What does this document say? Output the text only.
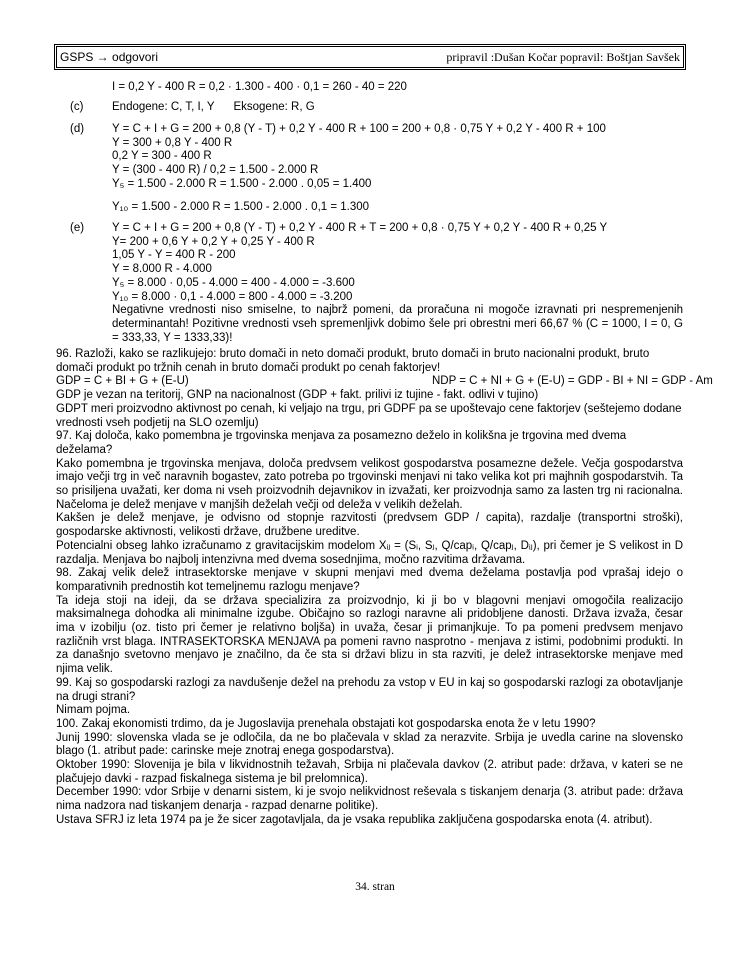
GSPS → odgovori	pripravil :Dušan Kočar popravil: Boštjan Savšek
I = 0,2 Y - 400 R = 0,2 · 1.300 - 400 · 0,1 = 260 - 40 = 220
(c) Endogene: C, T, I, Y      Eksogene: R, G
(d) Y = C + I + G = 200 + 0,8 (Y - T) + 0,2 Y - 400 R + 100 = 200 + 0,8 · 0,75 Y + 0,2 Y - 400 R + 100
Y = 300 + 0,8 Y - 400 R
0,2 Y = 300 - 400 R
Y = (300 - 400 R) / 0,2 = 1.500 - 2.000 R
Y₅ = 1.500 - 2.000 R = 1.500 - 2.000 . 0,05 = 1.400
Y₁₀ = 1.500 - 2.000 R = 1.500 - 2.000 . 0,1 = 1.300
(e) Y = C + I + G = 200 + 0,8 (Y - T) + 0,2 Y - 400 R + T = 200 + 0,8 · 0,75 Y + 0,2 Y - 400 R + 0,25 Y
Y= 200 + 0,6 Y + 0,2 Y + 0,25 Y - 400 R
1,05 Y - Y = 400 R - 200
Y = 8.000 R - 4.000
Y₅ = 8.000 · 0,05 - 4.000 = 400 - 4.000 = -3.600
Y₁₀ = 8.000 · 0,1 - 4.000 = 800 - 4.000 = -3.200
Negativne vrednosti niso smiselne, to najbrž pomeni, da proračuna ni mogoče izravnati pri nespremenjenih determinantah! Pozitivne vrednosti vseh spremenljivk dobimo šele pri obrestni meri 66,67 % (C = 1000, I = 0, G = 333,33, Y = 1333,33)!

96. Razloži, kako se razlikujejo: bruto domači in neto domači produkt, bruto domači in bruto nacionalni produkt, bruto domači produkt po tržnih cenah in bruto domači produkt po cenah faktorjev!

GDP = C + BI + G + (E-U)	NDP = C + NI + G + (E-U) = GDP - BI + NI = GDP - Am

GDP je vezan na teritorij, GNP na nacionalnost (GDP + fakt. prilivi iz tujine - fakt. odlivi v tujino)

GDPT meri proizvodno aktivnost po cenah, ki veljajo na trgu, pri GDPF pa se upoštevajo cene faktorjev (seštejemo dodane vrednosti vseh podjetij na SLO ozemlju)

97. Kaj določa, kako pomembna je trgovinska menjava za posamezno deželo in kolikšna je trgovina med dvema deželama?

Kako pomembna je trgovinska menjava, določa predvsem velikost gospodarstva posamezne dežele. Večja gospodarstva imajo večji trg in več naravnih bogastev, zato potreba po trgovinski menjavi ni tako velika kot pri majhnih gospodarstvih. Ta so prisiljena uvažati, ker doma ni vseh proizvodnih dejavnikov in izvažati, ker proizvodnja samo za lasten trg ni racionalna. Načeloma je delež menjave v manjših deželah večji od deleža v velikih deželah.

Kakšen je delež menjave, je odvisno od stopnje razvitosti (predvsem GDP / capita), razdalje (transportni stroški), gospodarske aktivnosti, velikosti države, družbene ureditve.

Potencialni obseg lahko izračunamo z gravitacijskim modelom Xᵢⱼ = (Sᵢ, Sⱼ, Q/capᵢ, Q/capⱼ, Dᵢⱼ), pri čemer je S velikost in D razdalja. Menjava bo najbolj intenzivna med dvema sosednjima, močno razvitima državama.

98. Zakaj velik delež intrasektorske menjave v skupni menjavi med dvema deželama postavlja pod vprašaj idejo o komparativnih prednostih kot temeljnemu razlogu menjave?

Ta ideja stoji na ideji, da se država specializira za proizvodnjo, ki ji bo v blagovni menjavi omogočila realizacijo maksimalnega dohodka ali minimalne izgube. Običajno so razlogi naravne ali pridobljene danosti. Država izvaža, česar ima v izobilju (oz. tisto pri čemer je relativno boljša) in uvaža, česar ji primanjkuje. To pa pomeni predvsem menjavo različnih vrst blaga. INTRASEKTORSKA MENJAVA pa pomeni ravno nasprotno - menjava z istimi, podobnimi produkti. In za današnjo svetovno menjavo je značilno, da če sta si državi blizu in sta razviti, je delež intrasektorske menjave med njima velik.

99. Kaj so gospodarski razlogi za navdušenje dežel na prehodu za vstop v EU in kaj so gospodarski razlogi za obotavljanje na drugi strani?

Nimam pojma.

100. Zakaj ekonomisti trdimo, da je Jugoslavija prenehala obstajati kot gospodarska enota že v letu 1990?

Junij 1990: slovenska vlada se je odločila, da ne bo plačevala v sklad za nerazvite. Srbija je uvedla carine na slovensko blago (1. atribut pade: carinske meje znotraj enega gospodarstva).

Oktober 1990: Slovenija je bila v likvidnostnih težavah, Srbija ni plačevala davkov (2. atribut pade: država, v kateri se ne plačujejo davki - razpad fiskalnega sistema je bil prelomnica).

December 1990: vdor Srbije v denarni sistem, ki je svojo nelikvidnost reševala s tiskanjem denarja (3. atribut pade: država nima nadzora nad tiskanjem denarja - razpad denarne politike).

Ustava SFRJ iz leta 1974 pa je že sicer zagotavljala, da je vsaka republika zaključena gospodarska enota (4. atribut).

34. stran
